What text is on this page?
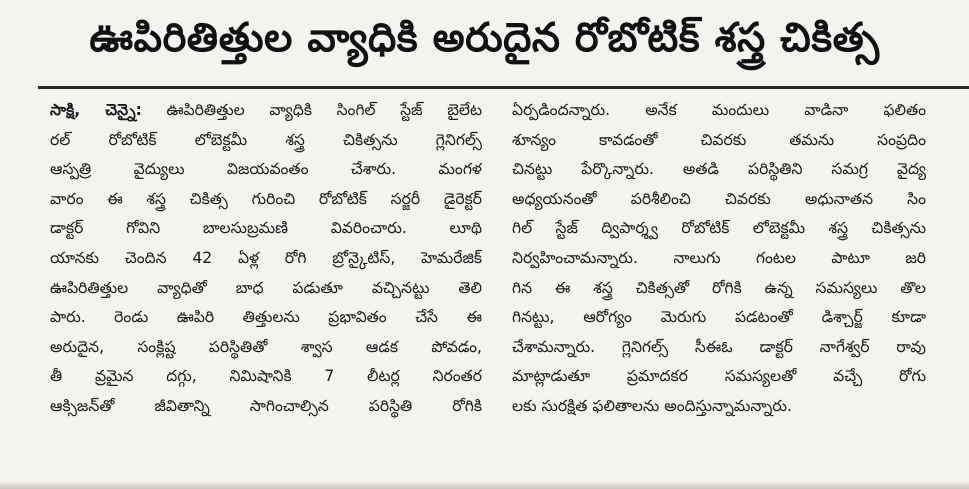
ఊపిరితిత్తుల వ్యాధికి అరుదైన రోబోటిక్ శస్త్ర చికిత్స
సాక్షి, చెన్నై: ఊపిరితిత్తుల వ్యాధికి సింగిల్ స్టేజ్ బైలేట
రల్ రోబోటిక్ లోబెక్టమీ శస్త్ర చికిత్సను గ్లెనిగల్స్
ఆస్పత్రి వైద్యులు విజయవంతం చేశారు. మంగళ
వారం ఈ శస్త్ర చికిత్స గురించి రోబోటిక్ సర్జరీ డైరెక్టర్
డాక్టర్ గోవిని బాలసుబ్రమణి వివరించారు. లూథి
యానకు చెందిన 42 ఏళ్ల రోగి బ్రోన్కైటిస్, హెమరేజిక్
ఊపిరితిత్తుల వ్యాధితో బాధ పడుతూ వచ్చినట్టు తెలి
పారు. రెండు ఊపిరి తిత్తులను ప్రభావితం చేసే ఈ
అరుదైన, సంక్లిష్ట పరిస్థితితో శ్వాస ఆడక పోవడం,
తీ వ్రమైన దగ్గు, నిమిషానికి 7 లీటర్ల నిరంతర
ఆక్సిజన్‌తో జీవితాన్ని సాగించాల్సిన పరిస్థితి రోగికి
ఏర్పడిందన్నారు. అనేక మందులు వాడినా ఫలితం
శూన్యం కావడంతో చివరకు తమను సంప్రదిం
చినట్టు పేర్కొన్నారు. అతడి పరిస్థితిని సమగ్ర వైద్య
అధ్యయనంతో పరిశీలించి చివరకు అధునాతన సిం
గిల్ స్టేజ్ ద్విపార్శ్వ రోబోటిక్ లోబెక్టమీ శస్త్ర చికిత్సను
నిర్వహించామన్నారు. నాలుగు గంటల పాటూ జరి
గిన ఈ శస్త్ర చికిత్సతో రోగికి ఉన్న సమస్యలు తొల
గినట్టు, ఆరోగ్యం మెరుగు పడటంతో డిశ్చార్జ్ కూడా
చేశామన్నారు. గ్లెనిగల్స్ సీఈఓ డాక్టర్ నాగేశ్వర్ రావు
మాట్లాడుతూ ప్రమాదకర సమస్యలతో వచ్చే రోగు
లకు సురక్షిత ఫలితాలను అందిస్తున్నామన్నారు.
